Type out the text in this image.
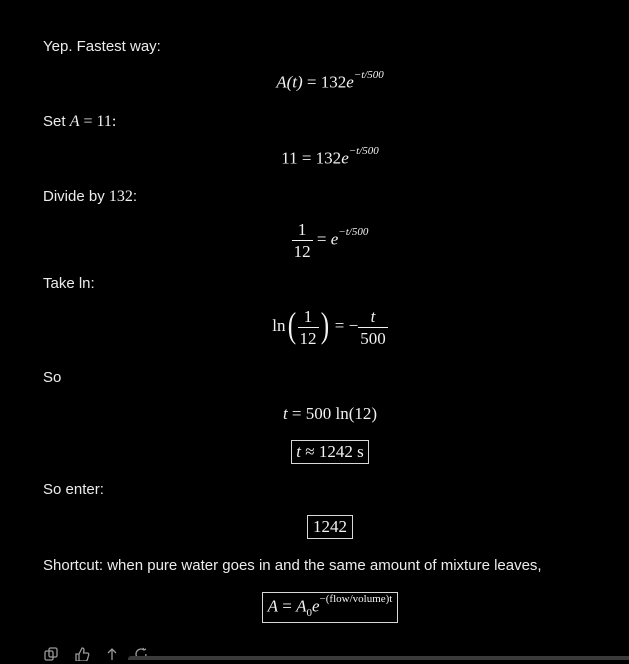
Yep. Fastest way:
$A(t) = 132e^{-t/500}$
Set A = 11:
$11 = 132e^{-t/500}$
Divide by 132:
$\frac{1}{12} = e^{-t/500}$
Take ln:
$\ln( \frac{1}{12}$ ) = − $\frac{t}{500}$
So
t = 500 ln(12)
t ≈ 1242 s
So enter:
1242
Shortcut: when pure water goes in and the same amount of mixture leaves,
$A = A_0e^{-(flow/volume)t}$
